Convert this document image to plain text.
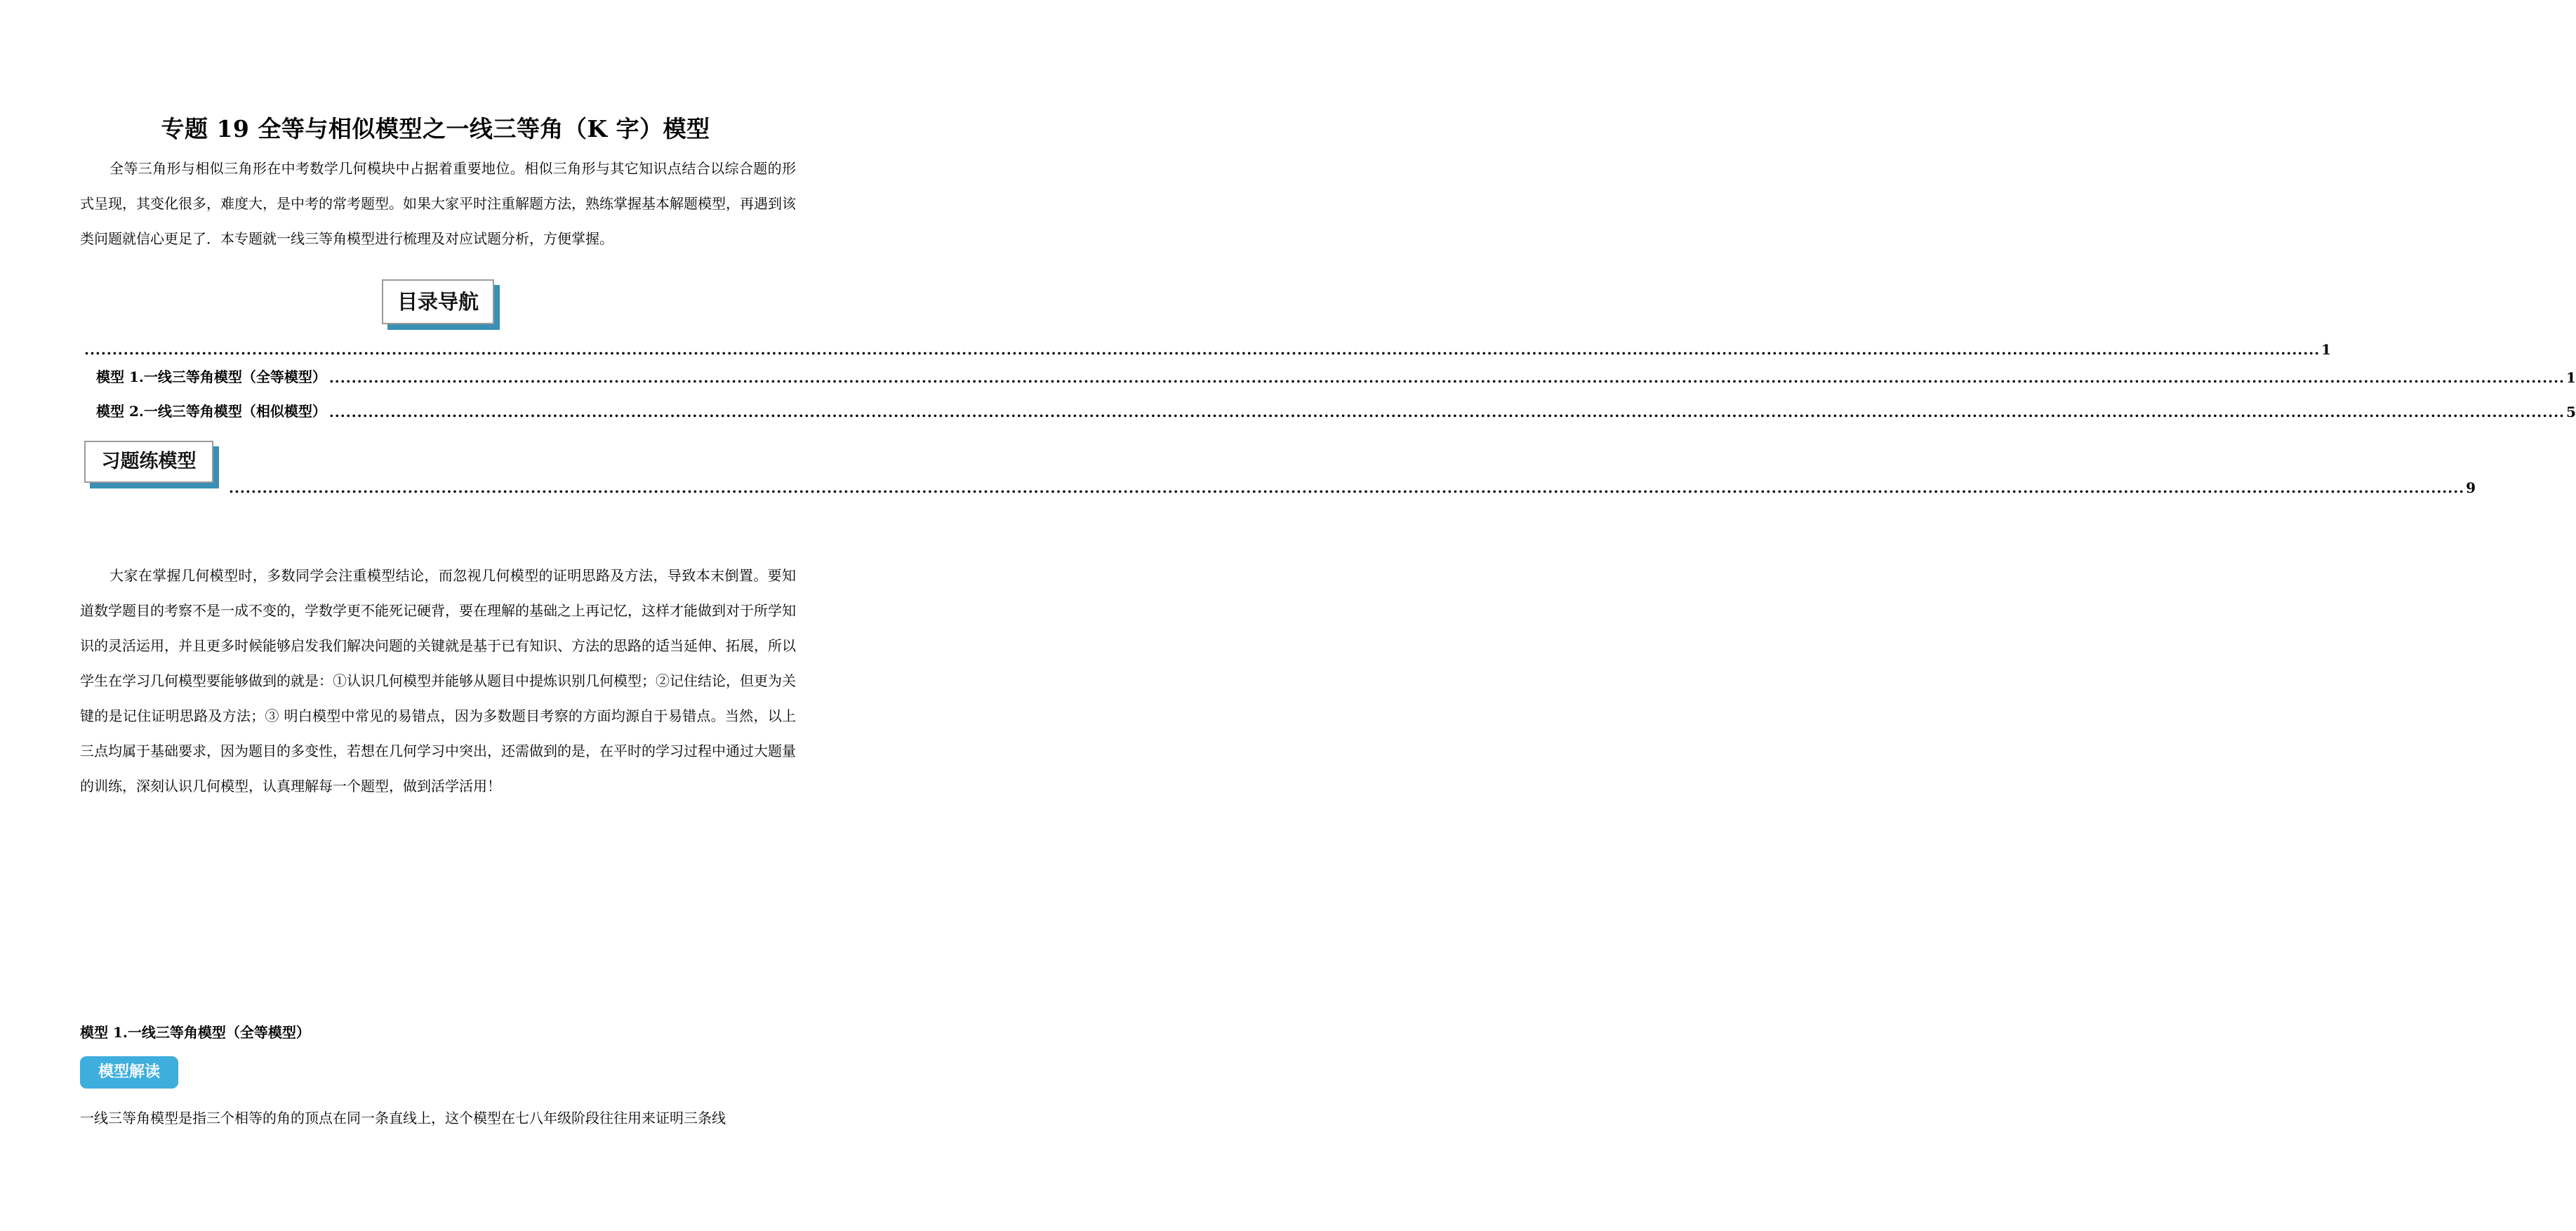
专题 19 全等与相似模型之一线三等角（K 字）模型

全等三角形与相似三角形在中考数学几何模块中占据着重要地位。相似三角形与其它知识点结合以综合题的形式呈现，其变化很多，难度大，是中考的常考题型。如果大家平时注重解题方法，熟练掌握基本解题模型，再遇到该类问题就信心更足了．本专题就一线三等角模型进行梳理及对应试题分析，方便掌握。

目录导航
................................................................................................................................................................................................................................................................................................................................................................................................................ 1
模型 1.一线三等角模型（全等模型） ................................................................................................................................................................................................................................................................................................................................................................................................................ 1
模型 2.一线三等角模型（相似模型） ................................................................................................................................................................................................................................................................................................................................................................................................................ 5
习题练模型
................................................................................................................................................................................................................................................................................................................................................................................................................ 9

大家在掌握几何模型时，多数同学会注重模型结论，而忽视几何模型的证明思路及方法，导致本末倒置。要知道数学题目的考察不是一成不变的，学数学更不能死记硬背，要在理解的基础之上再记忆，这样才能做到对于所学知识的灵活运用，并且更多时候能够启发我们解决问题的关键就是基于已有知识、方法的思路的适当延伸、拓展，所以学生在学习几何模型要能够做到的就是：①认识几何模型并能够从题目中提炼识别几何模型；②记住结论，但更为关键的是记住证明思路及方法；③ 明白模型中常见的易错点，因为多数题目考察的方面均源自于易错点。当然，以上三点均属于基础要求，因为题目的多变性，若想在几何学习中突出，还需做到的是，在平时的学习过程中通过大题量的训练，深刻认识几何模型，认真理解每一个题型，做到活学活用！

模型 1.一线三等角模型（全等模型）
模型解读
一线三等角模型是指三个相等的角的顶点在同一条直线上，这个模型在七八年级阶段往往用来证明三条线
